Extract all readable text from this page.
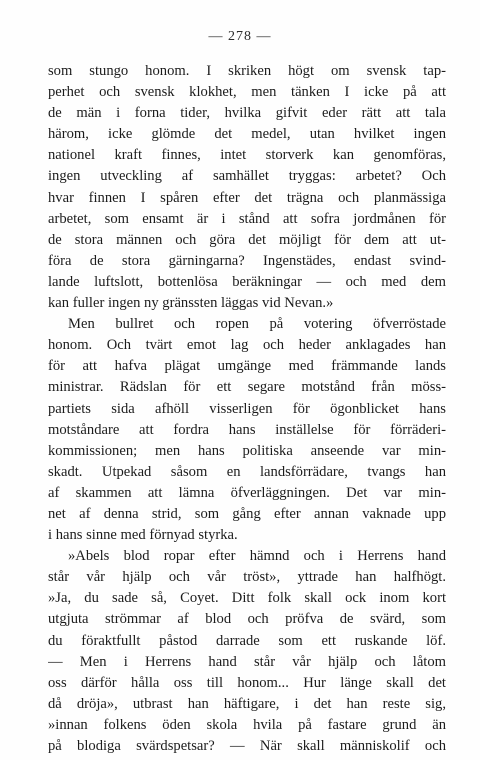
— 278 —
som stungo honom. I skriken högt om svensk tap-
perhet och svensk klokhet, men tänken I icke på att
de män i forna tider, hvilka gifvit eder rätt att tala
härom, icke glömde det medel, utan hvilket ingen
nationel kraft finnes, intet storverk kan genomföras,
ingen utveckling af samhället tryggas: arbetet? Och
hvar finnen I spåren efter det trägna och planmässiga
arbetet, som ensamt är i stånd att sofra jordmånen för
de stora männen och göra det möjligt för dem att ut-
föra de stora gärningarna? Ingenstädes, endast svind-
lande luftslott, bottenlösa beräkningar — och med dem
kan fuller ingen ny gränssten läggas vid Nevan.»
Men bullret och ropen på votering öfverröstade
honom. Och tvärt emot lag och heder anklagades han
för att hafva plägat umgänge med främmande lands
ministrar. Rädslan för ett segare motstånd från möss-
partiets sida afhöll visserligen för ögonblicket hans
motståndare att fordra hans inställelse för förräderi-
kommissionen; men hans politiska anseende var min-
skadt. Utpekad såsom en landsförrädare, tvangs han
af skammen att lämna öfverläggningen. Det var min-
net af denna strid, som gång efter annan vaknade upp
i hans sinne med förnyad styrka.
»Abels blod ropar efter hämnd och i Herrens hand
står vår hjälp och vår tröst», yttrade han halfhögt.
»Ja, du sade så, Coyet. Ditt folk skall ock inom kort
utgjuta strömmar af blod och pröfva de svärd, som
du föraktfullt påstod darrade som ett ruskande löf.
— Men i Herrens hand står vår hjälp och låtom
oss därför hålla oss till honom... Hur länge skall det
då dröja», utbrast han häftigare, i det han reste sig,
»innan folkens öden skola hvila på fastare grund än
på blodiga svärdspetsar? — När skall människolif och
